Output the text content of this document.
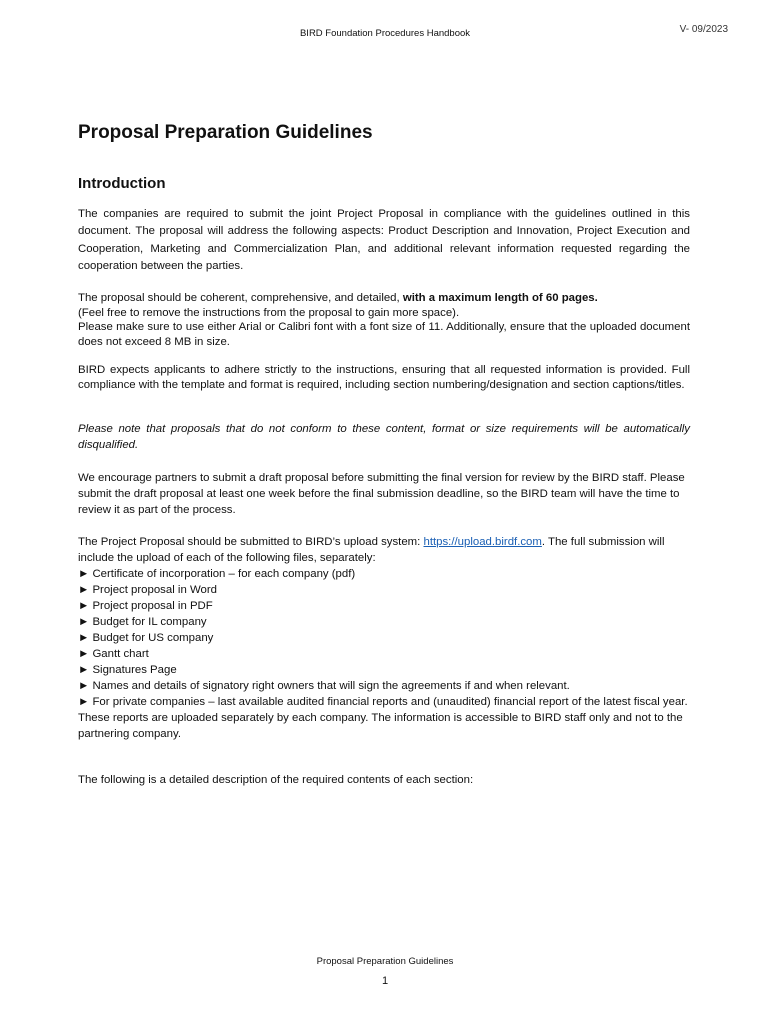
BIRD Foundation Procedures Handbook	V- 09/2023
Proposal Preparation Guidelines
Introduction

The companies are required to submit the joint Project Proposal in compliance with the guidelines outlined in this document. The proposal will address the following aspects: Product Description and Innovation, Project Execution and Cooperation, Marketing and Commercialization Plan, and additional relevant information requested regarding the cooperation between the parties.

The proposal should be coherent, comprehensive, and detailed, with a maximum length of 60 pages.
(Feel free to remove the instructions from the proposal to gain more space).
Please make sure to use either Arial or Calibri font with a font size of 11. Additionally, ensure that the uploaded document does not exceed 8 MB in size.

BIRD expects applicants to adhere strictly to the instructions, ensuring that all requested information is provided. Full compliance with the template and format is required, including section numbering/designation and section captions/titles.

Please note that proposals that do not conform to these content, format or size requirements will be automatically disqualified.

We encourage partners to submit a draft proposal before submitting the final version for review by the BIRD staff. Please submit the draft proposal at least one week before the final submission deadline, so the BIRD team will have the time to review it as part of the process.

The Project Proposal should be submitted to BIRD’s upload system: https://upload.birdf.com. The full submission will include the upload of each of the following files, separately:
► Certificate of incorporation – for each company (pdf)
► Project proposal in Word
► Project proposal in PDF
► Budget for IL company
► Budget for US company
► Gantt chart
► Signatures Page
► Names and details of signatory right owners that will sign the agreements if and when relevant.
► For private companies – last available audited financial reports and (unaudited) financial report of the latest fiscal year. These reports are uploaded separately by each company. The information is accessible to BIRD staff only and not to the partnering company.

The following is a detailed description of the required contents of each section:

Proposal Preparation Guidelines
1
